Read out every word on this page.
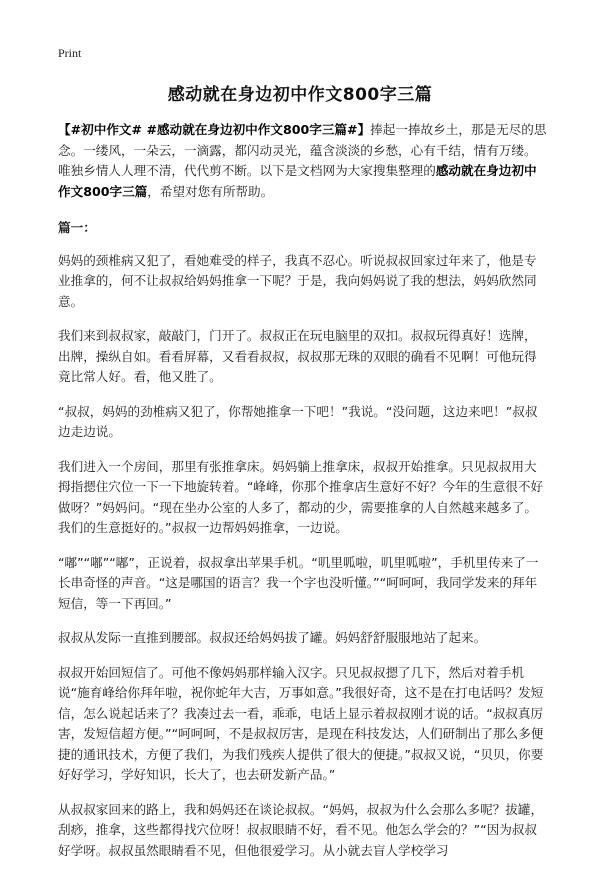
Print
感动就在身边初中作文800字三篇

【#初中作文# #感动就在身边初中作文800字三篇#】捧起一捧故乡土，那是无尽的思念。一缕风，一朵云，一滴露，都闪动灵光，蕴含淡淡的乡愁，心有千结，情有万缕。唯独乡情人人理不清，代代剪不断。以下是文档网为大家搜集整理的感动就在身边初中作文800字三篇，希望对您有所帮助。

篇一：

妈妈的颈椎病又犯了，看她难受的样子，我真不忍心。听说叔叔回家过年来了，他是专业推拿的，何不让叔叔给妈妈推拿一下呢？于是，我向妈妈说了我的想法，妈妈欣然同意。

我们来到叔叔家，敲敲门，门开了。叔叔正在玩电脑里的双扣。叔叔玩得真好！选牌，出牌，操纵自如。看看屏幕，又看看叔叔，叔叔那无珠的双眼的确看不见啊！可他玩得竟比常人好。看，他又胜了。

“叔叔，妈妈的劲椎病又犯了，你帮她推拿一下吧！”我说。“没问题，这边来吧！”叔叔边走边说。

我们进入一个房间，那里有张推拿床。妈妈躺上推拿床，叔叔开始推拿。只见叔叔用大拇指摁住穴位一下一下地旋转着。“峰峰，你那个推拿店生意好不好？今年的生意很不好做呀？”妈妈问。“现在坐办公室的人多了，都动的少，需要推拿的人自然越来越多了。我们的生意挺好的。”叔叔一边帮妈妈推拿，一边说。

“嘟”“嘟”“嘟”，正说着，叔叔拿出苹果手机。“叽里呱啦，叽里呱啦”，手机里传来了一长串奇怪的声音。“这是哪国的语言？我一个字也没听懂。”“呵呵呵，我同学发来的拜年短信，等一下再回。”

叔叔从发际一直推到腰部。叔叔还给妈妈拔了罐。妈妈舒舒服服地站了起来。

叔叔开始回短信了。可他不像妈妈那样输入汉字。只见叔叔摁了几下，然后对着手机说“施育峰给你拜年啦，祝你蛇年大吉，万事如意。”我很好奇，这不是在打电话吗？发短信，怎么说起话来了？我凑过去一看，乖乖，电话上显示着叔叔刚才说的话。“叔叔真厉害，发短信超方便。”“呵呵呵，不是叔叔厉害，是现在科技发达，人们研制出了那么多便捷的通讯技术，方便了我们，为我们残疾人提供了很大的便捷。”叔叔又说，“贝贝，你要好好学习，学好知识，长大了，也去研发新产品。”

从叔叔家回来的路上，我和妈妈还在谈论叔叔。“妈妈，叔叔为什么会那么多呢？拔罐，刮痧，推拿，这些都得找穴位呀！叔叔眼睛不好，看不见。他怎么学会的？”“因为叔叔好学呀。叔叔虽然眼睛看不见，但他很爱学习。从小就去盲人学校学习
